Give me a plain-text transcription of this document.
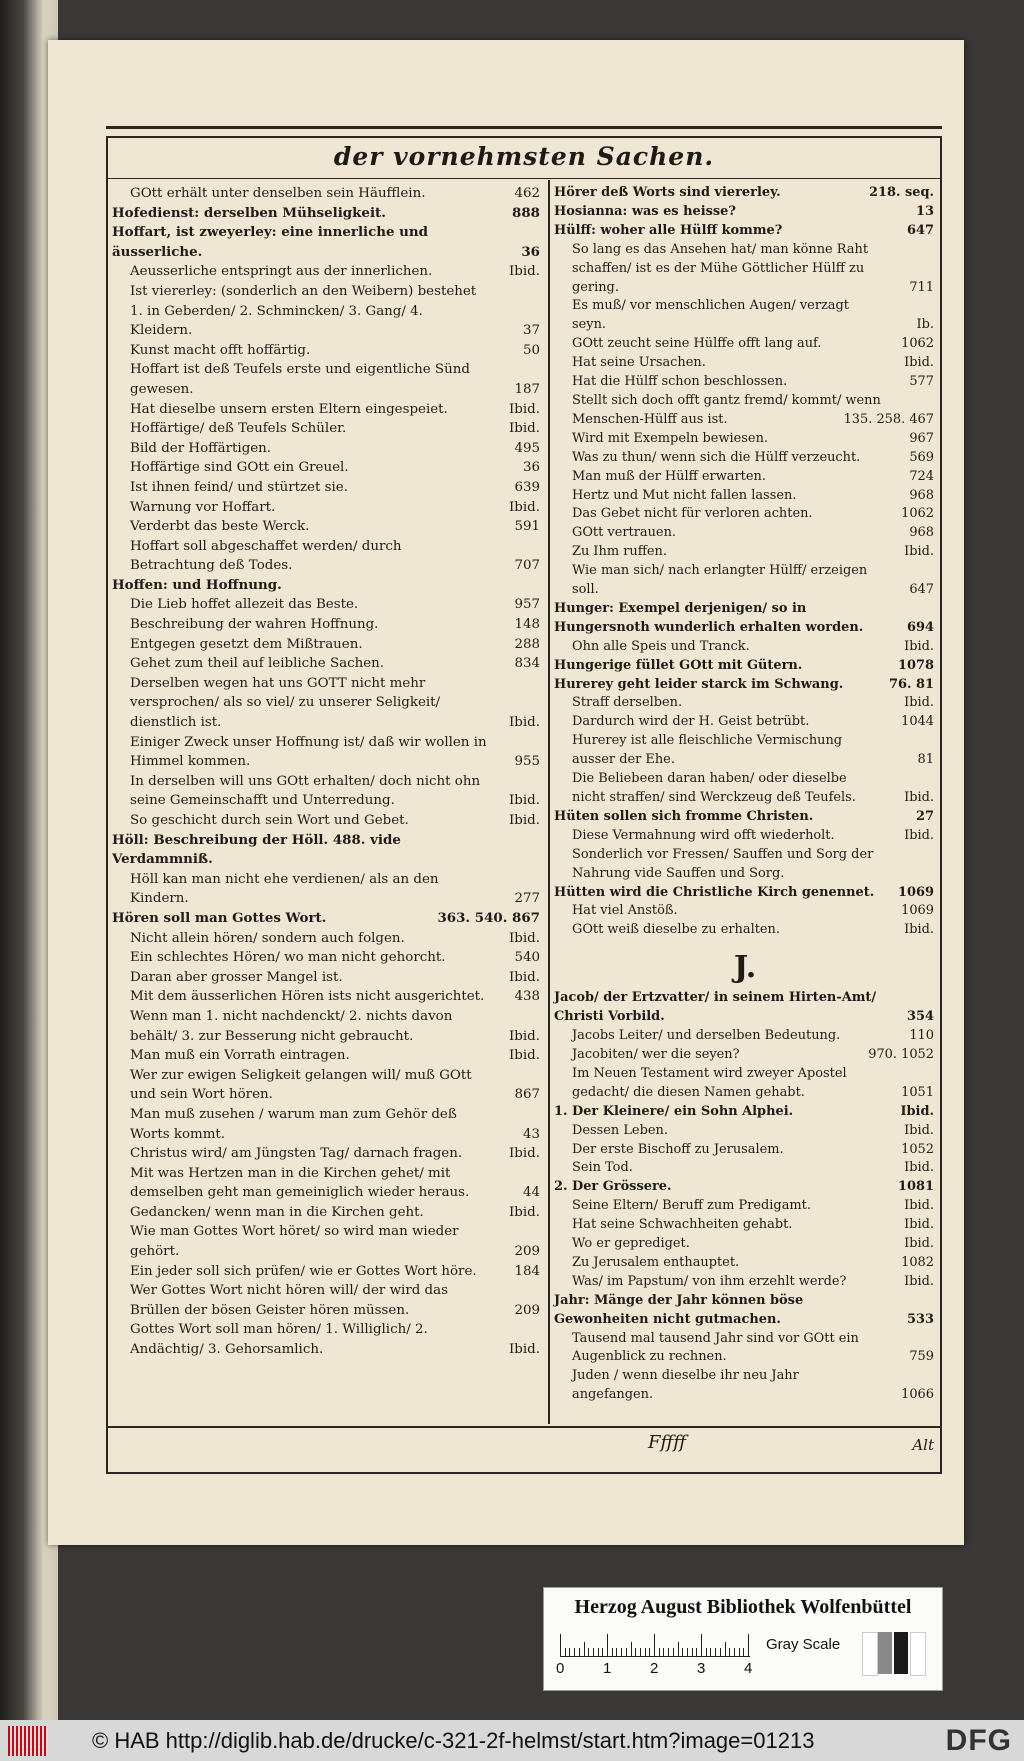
der vornehmsten Sachen.
GOtt erhält unter denselben sein Häufflein.	462
Hofedienst: derselben Mühseligkeit.	888
Hoffart, ist zweyerley: eine innerliche und äusserliche.	36
Aeusserliche entspringt aus der innerlichen.	Ibid.
Ist viererley: (sonderlich an den Weibern) bestehet 1. in Geberden/ 2. Schmincken/ 3. Gang/ 4. Kleidern.	37
Kunst macht offt hoffärtig.	50
Hoffart ist deß Teufels erste und eigentliche Sünd gewesen.	187
Hat dieselbe unsern ersten Eltern eingespeiet.	Ibid.
Hoffärtige/ deß Teufels Schüler.	Ibid.
Bild der Hoffärtigen.	495
Hoffärtige sind GOtt ein Greuel.	36
Ist ihnen feind/ und stürtzet sie.	639
Warnung vor Hoffart.	Ibid.
Verderbt das beste Werck.	591
Hoffart soll abgeschaffet werden/ durch Betrachtung deß Todes.	707
Hoffen: und Hoffnung.
Die Lieb hoffet allezeit das Beste.	957
Beschreibung der wahren Hoffnung.	148
Entgegen gesetzt dem Mißtrauen.	288
Gehet zum theil auf leibliche Sachen.	834
Derselben wegen hat uns GOTT nicht mehr versprochen/ als so viel/ zu unserer Seligkeit/ dienstlich ist.	Ibid.
Einiger Zweck unser Hoffnung ist/ daß wir wollen in Himmel kommen.	955
In derselben will uns GOtt erhalten/ doch nicht ohn seine Gemeinschafft und Unterredung.	Ibid.
So geschicht durch sein Wort und Gebet.	Ibid.
Höll: Beschreibung der Höll. 488. vide Verdammniß.
Höll kan man nicht ehe verdienen/ als an den Kindern.	277
Hören soll man Gottes Wort.	363. 540. 867
Nicht allein hören/ sondern auch folgen.	Ibid.
Ein schlechtes Hören/ wo man nicht gehorcht.	540
Daran aber grosser Mangel ist.	Ibid.
Mit dem äusserlichen Hören ists nicht ausgerichtet. 438
Wenn man 1. nicht nachdenckt/ 2. nichts davon behält/ 3. zur Besserung nicht gebraucht.	Ibid.
Man muß ein Vorrath eintragen.	Ibid.
Wer zur ewigen Seligkeit gelangen will/ muß GOtt und sein Wort hören.	867
Man muß zusehen / warum man zum Gehör deß Worts kommt.	43
Christus wird/ am Jüngsten Tag/ darnach fragen.	Ibid.
Mit was Hertzen man in die Kirchen gehet/ mit demselben geht man gemeiniglich wieder heraus.	44
Gedancken/ wenn man in die Kirchen geht.	Ibid.
Wie man Gottes Wort höret/ so wird man wieder gehört.	209
Ein jeder soll sich prüfen/ wie er Gottes Wort höre.	184
Wer Gottes Wort nicht hören will/ der wird das Brüllen der bösen Geister hören müssen.	209
Gottes Wort soll man hören/ 1. Williglich/ 2. Andächtig/ 3. Gehorsamlich.	Ibid.
Hörer deß Worts sind viererley.	218. seq.
Hosianna: was es heisse?	13
Hülff: woher alle Hülff komme?	647
So lang es das Ansehen hat/ man könne Raht schaffen/ ist es der Mühe Göttlicher Hülff zu gering.	711
Es muß/ vor menschlichen Augen/ verzagt seyn.	Ib.
GOtt zeucht seine Hülffe offt lang auf.	1062
Hat seine Ursachen.	Ibid.
Hat die Hülff schon beschlossen.	577
Stellt sich doch offt gantz fremd/ kommt/ wenn Menschen-Hülff aus ist.	135. 258. 467
Wird mit Exempeln bewiesen.	967
Was zu thun/ wenn sich die Hülff verzeucht.	569
Man muß der Hülff erwarten.	724
Hertz und Mut nicht fallen lassen.	968
Das Gebet nicht für verloren achten.	1062
GOtt vertrauen.	968
Zu Ihm ruffen.	Ibid.
Wie man sich/ nach erlangter Hülff/ erzeigen soll.	647
Hunger: Exempel derjenigen/ so in Hungersnoth wunderlich erhalten worden.	694
Ohn alle Speis und Tranck.	Ibid.
Hungerige füllet GOtt mit Gütern.	1078
Hurerey geht leider starck im Schwang.	76. 81
Straff derselben.	Ibid.
Dardurch wird der H. Geist betrübt.	1044
Hurerey ist alle fleischliche Vermischung ausser der Ehe.	81
Die Beliebeen daran haben/ oder dieselbe nicht straffen/ sind Werckzeug deß Teufels.	Ibid.
Hüten sollen sich fromme Christen.	27
Diese Vermahnung wird offt wiederholt.	Ibid.
Sonderlich vor Fressen/ Sauffen und Sorg der Nahrung vide Sauffen und Sorg.
Hütten wird die Christliche Kirch genennet.	1069
Hat viel Anstöß.	1069
GOtt weiß dieselbe zu erhalten.	Ibid.
J.
Jacob/ der Ertzvatter/ in seinem Hirten-Amt/ Christi Vorbild.	354
Jacobs Leiter/ und derselben Bedeutung.	110
Jacobiten/ wer die seyen?	970. 1052
Im Neuen Testament wird zweyer Apostel gedacht/ die diesen Namen gehabt.	1051
1. Der Kleinere/ ein Sohn Alphei.	Ibid.
Dessen Leben.	Ibid.
Der erste Bischoff zu Jerusalem.	1052
Sein Tod.	Ibid.
2. Der Grössere.	1081
Seine Eltern/ Beruff zum Predigamt.	Ibid.
Hat seine Schwachheiten gehabt.	Ibid.
Wo er geprediget.	Ibid.
Zu Jerusalem enthauptet.	1082
Was/ im Papstum/ von ihm erzehlt werde?	Ibid.
Jahr: Mänge der Jahr können böse Gewonheiten nicht gutmachen.	533
Tausend mal tausend Jahr sind vor GOtt ein Augenblick zu rechnen.	759
Juden / wenn dieselbe ihr neu Jahr angefangen.	1066
Fffff	Alt
Herzog August Bibliothek Wolfenbüttel
0	1	2	3	4
Gray Scale
© HAB http://diglib.hab.de/drucke/c-321-2f-helmst/start.htm?image=01213	DFG
